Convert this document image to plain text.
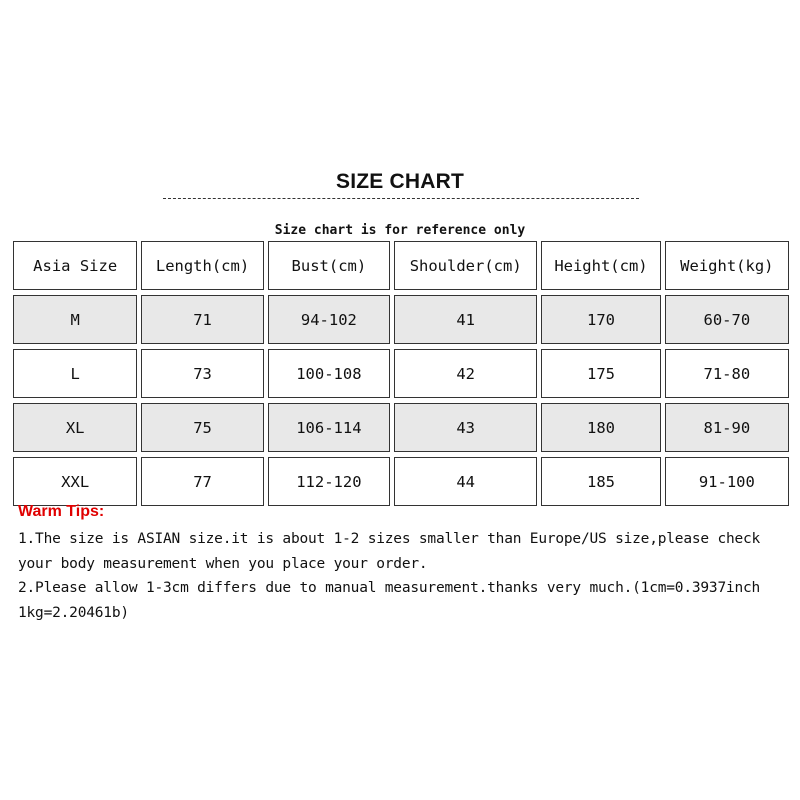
SIZE CHART
Size chart is for reference only
Asia Size	Length(cm)	Bust(cm)	Shoulder(cm)	Height(cm)	Weight(kg)
M	71	94-102	41	170	60-70
L	73	100-108	42	175	71-80
XL	75	106-114	43	180	81-90
XXL	77	112-120	44	185	91-100
Warm Tips:

1.The size is ASIAN size.it is about 1-2 sizes smaller than Europe/US size,please check your body measurement when you place your order.

2.Please allow 1-3cm differs due to manual measurement.thanks very much.(1cm=0.3937inch 1kg=2.20461b)
